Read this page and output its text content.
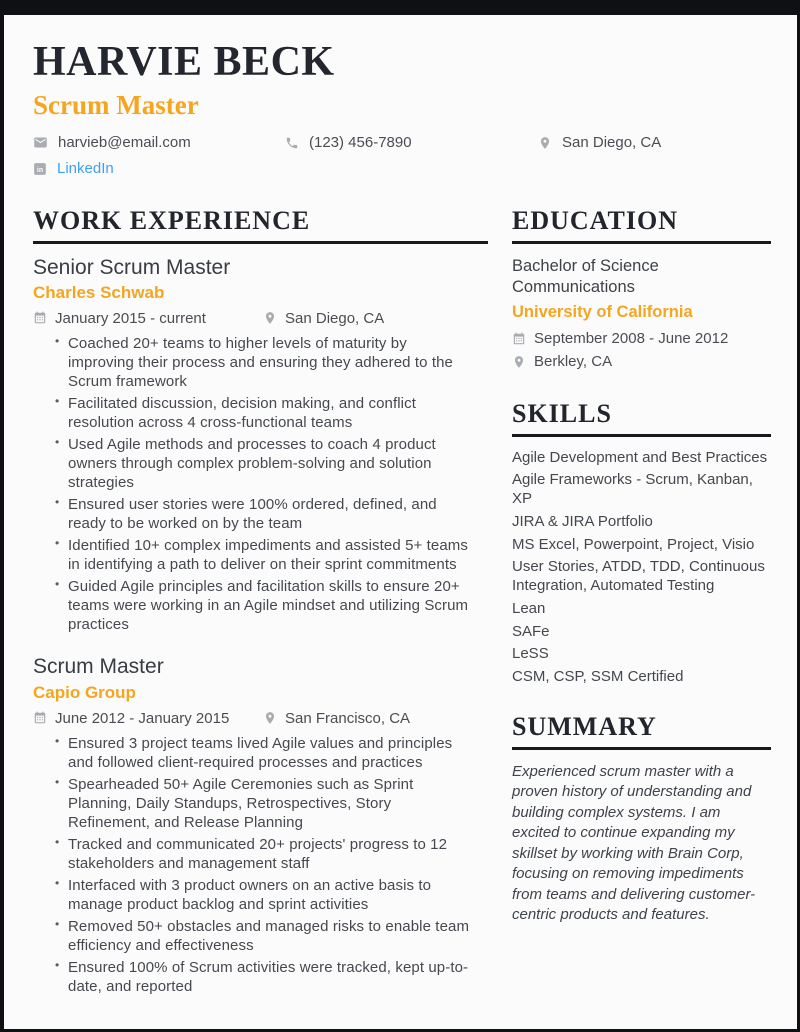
HARVIE BECK
Scrum Master
harvieb@email.com	(123) 456-7890	San Diego, CA
LinkedIn
WORK EXPERIENCE
Senior Scrum Master
Charles Schwab
January 2015 - current	San Diego, CA
• Coached 20+ teams to higher levels of maturity by improving their process and ensuring they adhered to the Scrum framework
• Facilitated discussion, decision making, and conflict resolution across 4 cross-functional teams
• Used Agile methods and processes to coach 4 product owners through complex problem-solving and solution strategies
• Ensured user stories were 100% ordered, defined, and ready to be worked on by the team
• Identified 10+ complex impediments and assisted 5+ teams in identifying a path to deliver on their sprint commitments
• Guided Agile principles and facilitation skills to ensure 20+ teams were working in an Agile mindset and utilizing Scrum practices
Scrum Master
Capio Group
June 2012 - January 2015	San Francisco, CA
• Ensured 3 project teams lived Agile values and principles and followed client-required processes and practices
• Spearheaded 50+ Agile Ceremonies such as Sprint Planning, Daily Standups, Retrospectives, Story Refinement, and Release Planning
• Tracked and communicated 20+ projects' progress to 12 stakeholders and management staff
• Interfaced with 3 product owners on an active basis to manage product backlog and sprint activities
• Removed 50+ obstacles and managed risks to enable team efficiency and effectiveness
• Ensured 100% of Scrum activities were tracked, kept up-to-date, and reported
EDUCATION
Bachelor of Science
Communications
University of California
September 2008 - June 2012
Berkley, CA
SKILLS
Agile Development and Best Practices
Agile Frameworks - Scrum, Kanban, XP
JIRA & JIRA Portfolio
MS Excel, Powerpoint, Project, Visio
User Stories, ATDD, TDD, Continuous Integration, Automated Testing
Lean
SAFe
LeSS
CSM, CSP, SSM Certified
SUMMARY

Experienced scrum master with a proven history of understanding and building complex systems. I am excited to continue expanding my skillset by working with Brain Corp, focusing on removing impediments from teams and delivering customer-centric products and features.
